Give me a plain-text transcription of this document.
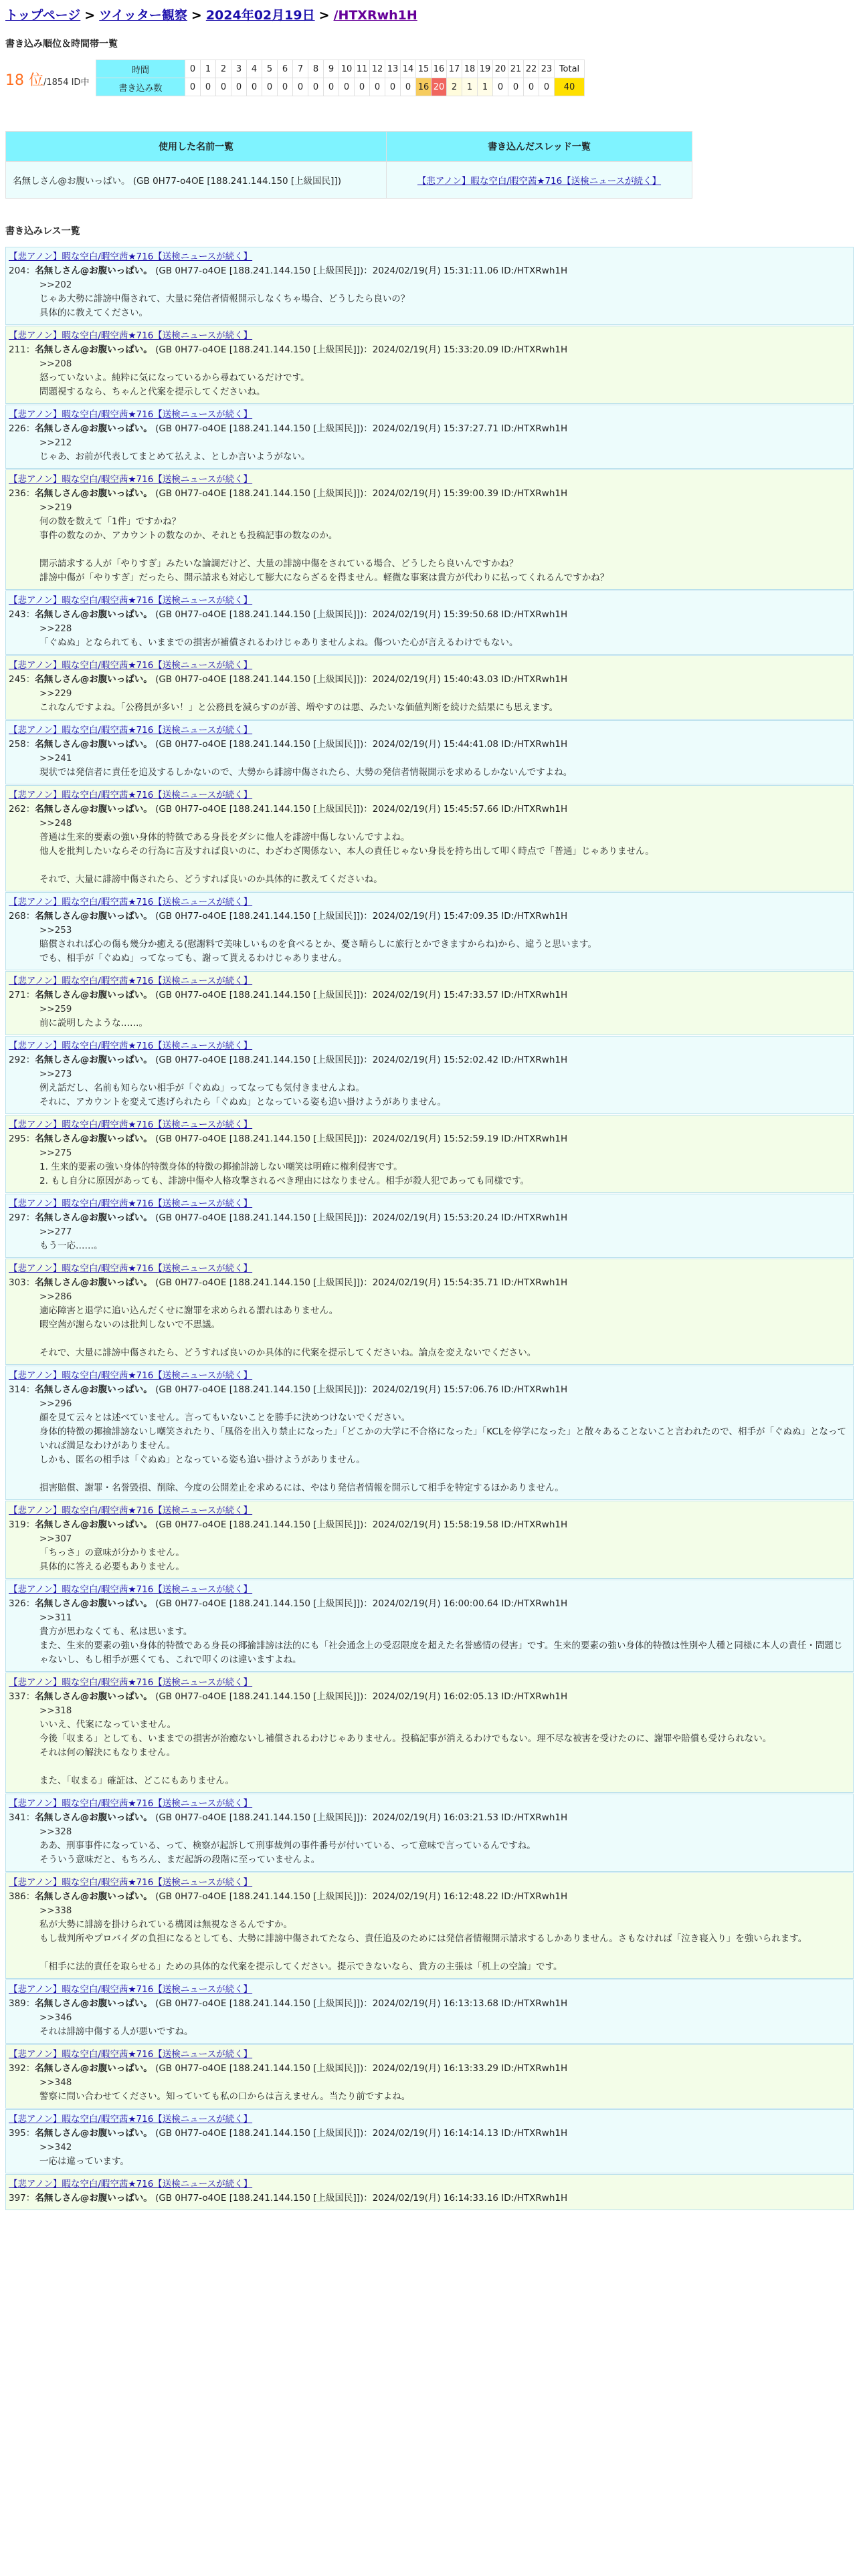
トップページ > ツイッター観察 > 2024年02月19日 > /HTXRwh1H
書き込み順位＆時間帯一覧
18 位/1854 ID中
時間	0	1	2	3	4	5	6	7	8	9	10	11	12	13	14	15	16	17	18	19	20	21	22	23	Total
書き込み数	0	0	0	0	0	0	0	0	0	0	0	0	0	0	0	16	20	2	1	1	0	0	0	0	40
使用した名前一覧	書き込んだスレッド一覧
名無しさん@お腹いっぱい。 (GB 0H77-o4OE [188.241.144.150 [上級国民]])	【悲アノン】暇な空白/暇空茜★716【送検ニュースが続く】
書き込みレス一覧
【悲アノン】暇な空白/暇空茜★716【送検ニュースが続く】
204：名無しさん@お腹いっぱい。 (GB 0H77-o4OE [188.241.144.150 [上級国民]])：2024/02/19(月) 15:31:11.06 ID:/HTXRwh1H
>>202
じゃあ大勢に誹謗中傷されて、大量に発信者情報開示しなくちゃ場合、どうしたら良いの？
具体的に教えてください。
【悲アノン】暇な空白/暇空茜★716【送検ニュースが続く】
211：名無しさん@お腹いっぱい。 (GB 0H77-o4OE [188.241.144.150 [上級国民]])：2024/02/19(月) 15:33:20.09 ID:/HTXRwh1H
>>208
怒っていないよ。純粋に気になっているから尋ねているだけです。
問題視するなら、ちゃんと代案を提示してくださいね。
【悲アノン】暇な空白/暇空茜★716【送検ニュースが続く】
226：名無しさん@お腹いっぱい。 (GB 0H77-o4OE [188.241.144.150 [上級国民]])：2024/02/19(月) 15:37:27.71 ID:/HTXRwh1H
>>212
じゃあ、お前が代表してまとめて払えよ、としか言いようがない。
【悲アノン】暇な空白/暇空茜★716【送検ニュースが続く】
236：名無しさん@お腹いっぱい。 (GB 0H77-o4OE [188.241.144.150 [上級国民]])：2024/02/19(月) 15:39:00.39 ID:/HTXRwh1H
>>219
何の数を数えて「1件」ですかね？
事件の数なのか、アカウントの数なのか、それとも投稿記事の数なのか。
開示請求する人が「やりすぎ」みたいな論調だけど、大量の誹謗中傷をされている場合、どうしたら良いんですかね？
誹謗中傷が「やりすぎ」だったら、開示請求も対応して膨大にならざるを得ません。軽微な事案は貴方が代わりに払ってくれるんですかね？
【悲アノン】暇な空白/暇空茜★716【送検ニュースが続く】
243：名無しさん@お腹いっぱい。 (GB 0H77-o4OE [188.241.144.150 [上級国民]])：2024/02/19(月) 15:39:50.68 ID:/HTXRwh1H
>>228
「ぐぬぬ」となられても、いままでの損害が補償されるわけじゃありませんよね。傷ついた心が言えるわけでもない。
【悲アノン】暇な空白/暇空茜★716【送検ニュースが続く】
245：名無しさん@お腹いっぱい。 (GB 0H77-o4OE [188.241.144.150 [上級国民]])：2024/02/19(月) 15:40:43.03 ID:/HTXRwh1H
>>229
これなんですよね。「公務員が多い！」と公務員を減らすのが善、増やすのは悪、みたいな価値判断を続けた結果にも思えます。
【悲アノン】暇な空白/暇空茜★716【送検ニュースが続く】
258：名無しさん@お腹いっぱい。 (GB 0H77-o4OE [188.241.144.150 [上級国民]])：2024/02/19(月) 15:44:41.08 ID:/HTXRwh1H
>>241
現状では発信者に責任を追及するしかないので、大勢から誹謗中傷されたら、大勢の発信者情報開示を求めるしかないんですよね。
【悲アノン】暇な空白/暇空茜★716【送検ニュースが続く】
262：名無しさん@お腹いっぱい。 (GB 0H77-o4OE [188.241.144.150 [上級国民]])：2024/02/19(月) 15:45:57.66 ID:/HTXRwh1H
>>248
普通は生来的要素の強い身体的特徴である身長をダシに他人を誹謗中傷しないんですよね。
他人を批判したいならその行為に言及すれば良いのに、わざわざ関係ない、本人の責任じゃない身長を持ち出して叩く時点で「普通」じゃありません。
それで、大量に誹謗中傷されたら、どうすれば良いのか具体的に教えてくださいね。
【悲アノン】暇な空白/暇空茜★716【送検ニュースが続く】
268：名無しさん@お腹いっぱい。 (GB 0H77-o4OE [188.241.144.150 [上級国民]])：2024/02/19(月) 15:47:09.35 ID:/HTXRwh1H
>>253
賠償されれば心の傷も幾分か癒える(慰謝料で美味しいものを食べるとか、憂さ晴らしに旅行とかできますからね)から、違うと思います。
でも、相手が「ぐぬぬ」ってなっても、謝って貰えるわけじゃありません。
【悲アノン】暇な空白/暇空茜★716【送検ニュースが続く】
271：名無しさん@お腹いっぱい。 (GB 0H77-o4OE [188.241.144.150 [上級国民]])：2024/02/19(月) 15:47:33.57 ID:/HTXRwh1H
>>259
前に説明したような……。
【悲アノン】暇な空白/暇空茜★716【送検ニュースが続く】
292：名無しさん@お腹いっぱい。 (GB 0H77-o4OE [188.241.144.150 [上級国民]])：2024/02/19(月) 15:52:02.42 ID:/HTXRwh1H
>>273
例え話だし、名前も知らない相手が「ぐぬぬ」ってなっても気付きませんよね。
それに、アカウントを変えて逃げられたら「ぐぬぬ」となっている姿も追い掛けようがありません。
【悲アノン】暇な空白/暇空茜★716【送検ニュースが続く】
295：名無しさん@お腹いっぱい。 (GB 0H77-o4OE [188.241.144.150 [上級国民]])：2024/02/19(月) 15:52:59.19 ID:/HTXRwh1H
>>275
1. 生来的要素の強い身体的特徴身体的特徴の揶揄誹謗しない嘲笑は明確に権利侵害です。
2. もし自分に原因があっても、誹謗中傷や人格攻撃されるべき理由にはなりません。相手が殺人犯であっても同様です。
【悲アノン】暇な空白/暇空茜★716【送検ニュースが続く】
297：名無しさん@お腹いっぱい。 (GB 0H77-o4OE [188.241.144.150 [上級国民]])：2024/02/19(月) 15:53:20.24 ID:/HTXRwh1H
>>277
もう一応……。
【悲アノン】暇な空白/暇空茜★716【送検ニュースが続く】
303：名無しさん@お腹いっぱい。 (GB 0H77-o4OE [188.241.144.150 [上級国民]])：2024/02/19(月) 15:54:35.71 ID:/HTXRwh1H
>>286
適応障害と退学に追い込んだくせに謝罪を求められる謂れはありません。
暇空茜が謝らないのは批判しないで不思議。
それで、大量に誹謗中傷されたら、どうすれば良いのか具体的に代案を提示してくださいね。論点を変えないでください。
【悲アノン】暇な空白/暇空茜★716【送検ニュースが続く】
314：名無しさん@お腹いっぱい。 (GB 0H77-o4OE [188.241.144.150 [上級国民]])：2024/02/19(月) 15:57:06.76 ID:/HTXRwh1H
>>296
顔を見て云々とは述べていません。言ってもいないことを勝手に決めつけないでください。
身体的特徴の揶揄誹謗ないし嘲笑されたり、「風俗を出入り禁止になった」「どこかの大学に不合格になった」「KCLを停学になった」と散々あることないこと言われたので、相手が「ぐぬぬ」となっていれば満足なわけがありません。
しかも、匿名の相手は「ぐぬぬ」となっている姿も追い掛けようがありません。
損害賠償、謝罪・名誉毀損、削除、今度の公開差止を求めるには、やはり発信者情報を開示して相手を特定するほかありません。
【悲アノン】暇な空白/暇空茜★716【送検ニュースが続く】
319：名無しさん@お腹いっぱい。 (GB 0H77-o4OE [188.241.144.150 [上級国民]])：2024/02/19(月) 15:58:19.58 ID:/HTXRwh1H
>>307
「ちっさ」の意味が分かりません。
具体的に答える必要もありません。
【悲アノン】暇な空白/暇空茜★716【送検ニュースが続く】
326：名無しさん@お腹いっぱい。 (GB 0H77-o4OE [188.241.144.150 [上級国民]])：2024/02/19(月) 16:00:00.64 ID:/HTXRwh1H
>>311
貴方が思わなくても、私は思います。
また、生来的要素の強い身体的特徴である身長の揶揄誹謗は法的にも「社会通念上の受忍限度を超えた名誉感情の侵害」です。生来的要素の強い身体的特徴は性別や人種と同様に本人の責任・問題じゃないし、もし相手が悪くても、これで叩くのは違いますよね。
【悲アノン】暇な空白/暇空茜★716【送検ニュースが続く】
337：名無しさん@お腹いっぱい。 (GB 0H77-o4OE [188.241.144.150 [上級国民]])：2024/02/19(月) 16:02:05.13 ID:/HTXRwh1H
>>318
いいえ、代案になっていません。
今後「収まる」としても、いままでの損害が治癒ないし補償されるわけじゃありません。投稿記事が消えるわけでもない。理不尽な被害を受けたのに、謝罪や賠償も受けられない。
それは何の解決にもなりません。
また、「収まる」確証は、どこにもありません。
【悲アノン】暇な空白/暇空茜★716【送検ニュースが続く】
341：名無しさん@お腹いっぱい。 (GB 0H77-o4OE [188.241.144.150 [上級国民]])：2024/02/19(月) 16:03:21.53 ID:/HTXRwh1H
>>328
ああ、刑事事件になっている、って、検察が起訴して刑事裁判の事件番号が付いている、って意味で言っているんですね。
そういう意味だと、もちろん、まだ起訴の段階に至っていませんよ。
【悲アノン】暇な空白/暇空茜★716【送検ニュースが続く】
386：名無しさん@お腹いっぱい。 (GB 0H77-o4OE [188.241.144.150 [上級国民]])：2024/02/19(月) 16:12:48.22 ID:/HTXRwh1H
>>338
私が大勢に誹謗を掛けられている構図は無視なさるんですか。
もし裁判所やプロバイダの負担になるとしても、大勢に誹謗中傷されてたなら、責任追及のためには発信者情報開示請求するしかありません。さもなければ「泣き寝入り」を強いられます。
「相手に法的責任を取らせる」ための具体的な代案を提示してください。提示できないなら、貴方の主張は「机上の空論」です。
【悲アノン】暇な空白/暇空茜★716【送検ニュースが続く】
389：名無しさん@お腹いっぱい。 (GB 0H77-o4OE [188.241.144.150 [上級国民]])：2024/02/19(月) 16:13:13.68 ID:/HTXRwh1H
>>346
それは誹謗中傷する人が悪いですね。
【悲アノン】暇な空白/暇空茜★716【送検ニュースが続く】
392：名無しさん@お腹いっぱい。 (GB 0H77-o4OE [188.241.144.150 [上級国民]])：2024/02/19(月) 16:13:33.29 ID:/HTXRwh1H
>>348
警察に問い合わせてください。知っていても私の口からは言えません。当たり前ですよね。
【悲アノン】暇な空白/暇空茜★716【送検ニュースが続く】
395：名無しさん@お腹いっぱい。 (GB 0H77-o4OE [188.241.144.150 [上級国民]])：2024/02/19(月) 16:14:14.13 ID:/HTXRwh1H
>>342
一応は違っています。
【悲アノン】暇な空白/暇空茜★716【送検ニュースが続く】
397：名無しさん@お腹いっぱい。 (GB 0H77-o4OE [188.241.144.150 [上級国民]])：2024/02/19(月) 16:14:33.16 ID:/HTXRwh1H
